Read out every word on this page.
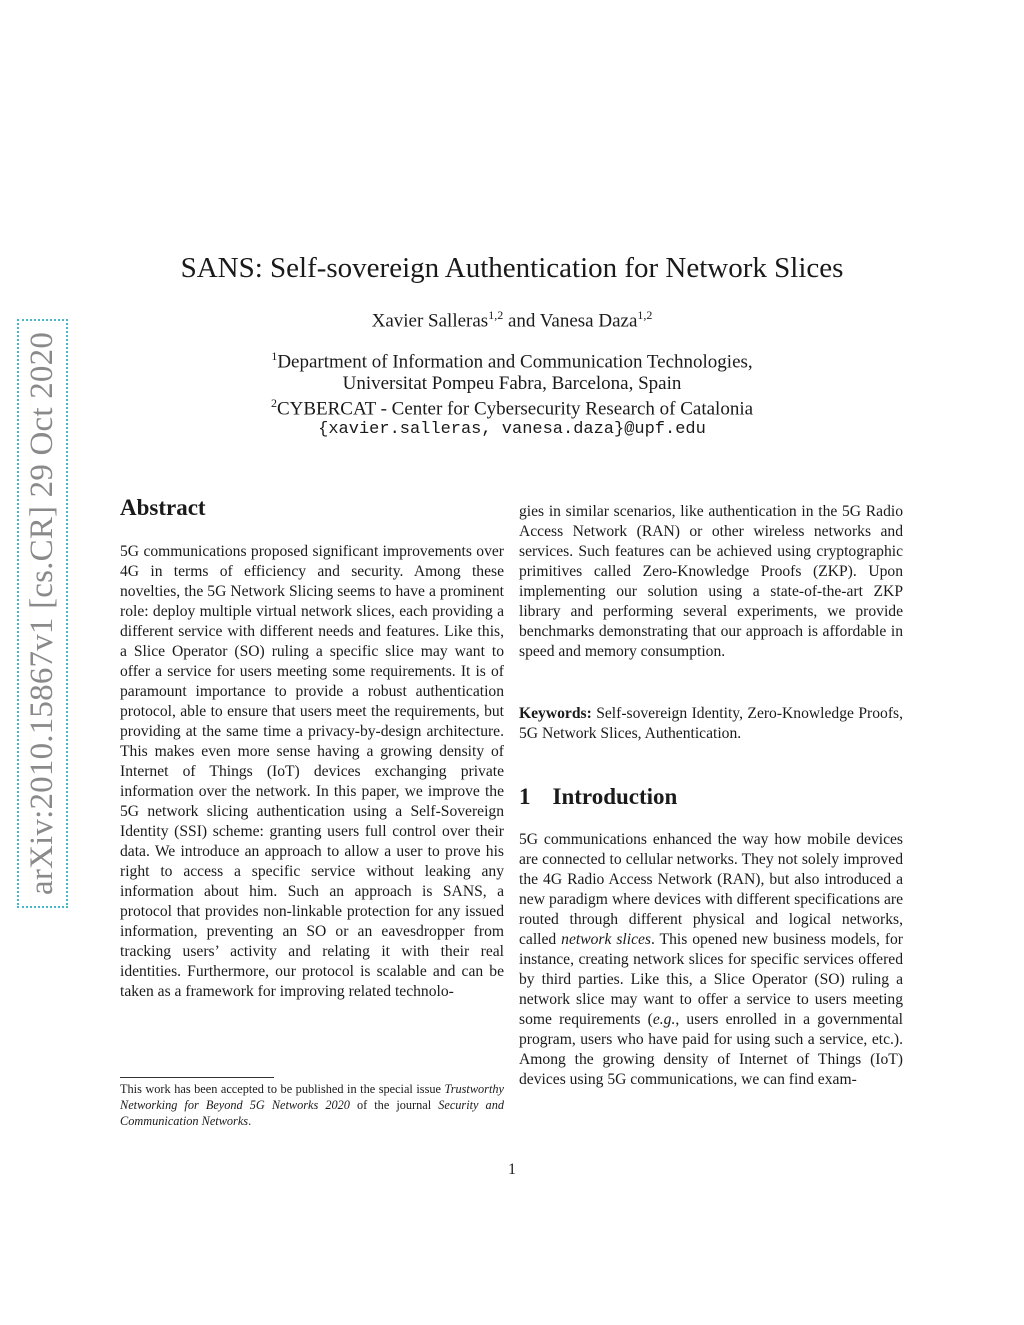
arXiv:2010.15867v1 [cs.CR] 29 Oct 2020
SANS: Self-sovereign Authentication for Network Slices
Xavier Salleras$^{1,2}$ and Vanesa Daza$^{1,2}$
$^1$Department of Information and Communication Technologies,
Universitat Pompeu Fabra, Barcelona, Spain
$^2$CYBERCAT - Center for Cybersecurity Research of Catalonia
{xavier.salleras, vanesa.daza}@upf.edu
Abstract

5G communications proposed significant improvements over 4G in terms of efficiency and security. Among these novelties, the 5G Network Slicing seems to have a prominent role: deploy multiple virtual network slices, each providing a different service with different needs and features. Like this, a Slice Operator (SO) ruling a specific slice may want to offer a service for users meeting some requirements. It is of paramount importance to provide a robust authentication protocol, able to ensure that users meet the requirements, but providing at the same time a privacy-by-design architecture. This makes even more sense having a growing density of Internet of Things (IoT) devices exchanging private information over the network. In this paper, we improve the 5G network slicing authentication using a Self-Sovereign Identity (SSI) scheme: granting users full control over their data. We introduce an approach to allow a user to prove his right to access a specific service without leaking any information about him. Such an approach is SANS, a protocol that provides non-linkable protection for any issued information, preventing an SO or an eavesdropper from tracking users’ activity and relating it with their real identities. Furthermore, our protocol is scalable and can be taken as a framework for improving related technolo-

gies in similar scenarios, like authentication in the 5G Radio Access Network (RAN) or other wireless networks and services. Such features can be achieved using cryptographic primitives called Zero-Knowledge Proofs (ZKP). Upon implementing our solution using a state-of-the-art ZKP library and performing several experiments, we provide benchmarks demonstrating that our approach is affordable in speed and memory consumption.

Keywords: Self-sovereign Identity, Zero-Knowledge Proofs, 5G Network Slices, Authentication.
1 Introduction

5G communications enhanced the way how mobile devices are connected to cellular networks. They not solely improved the 4G Radio Access Network (RAN), but also introduced a new paradigm where devices with different specifications are routed through different physical and logical networks, called network slices. This opened new business models, for instance, creating network slices for specific services offered by third parties. Like this, a Slice Operator (SO) ruling a network slice may want to offer a service to users meeting some requirements (e.g., users enrolled in a governmental program, users who have paid for using such a service, etc.). Among the growing density of Internet of Things (IoT) devices using 5G communications, we can find exam-

This work has been accepted to be published in the special issue Trustworthy Networking for Beyond 5G Networks 2020 of the journal Security and Communication Networks.
1
